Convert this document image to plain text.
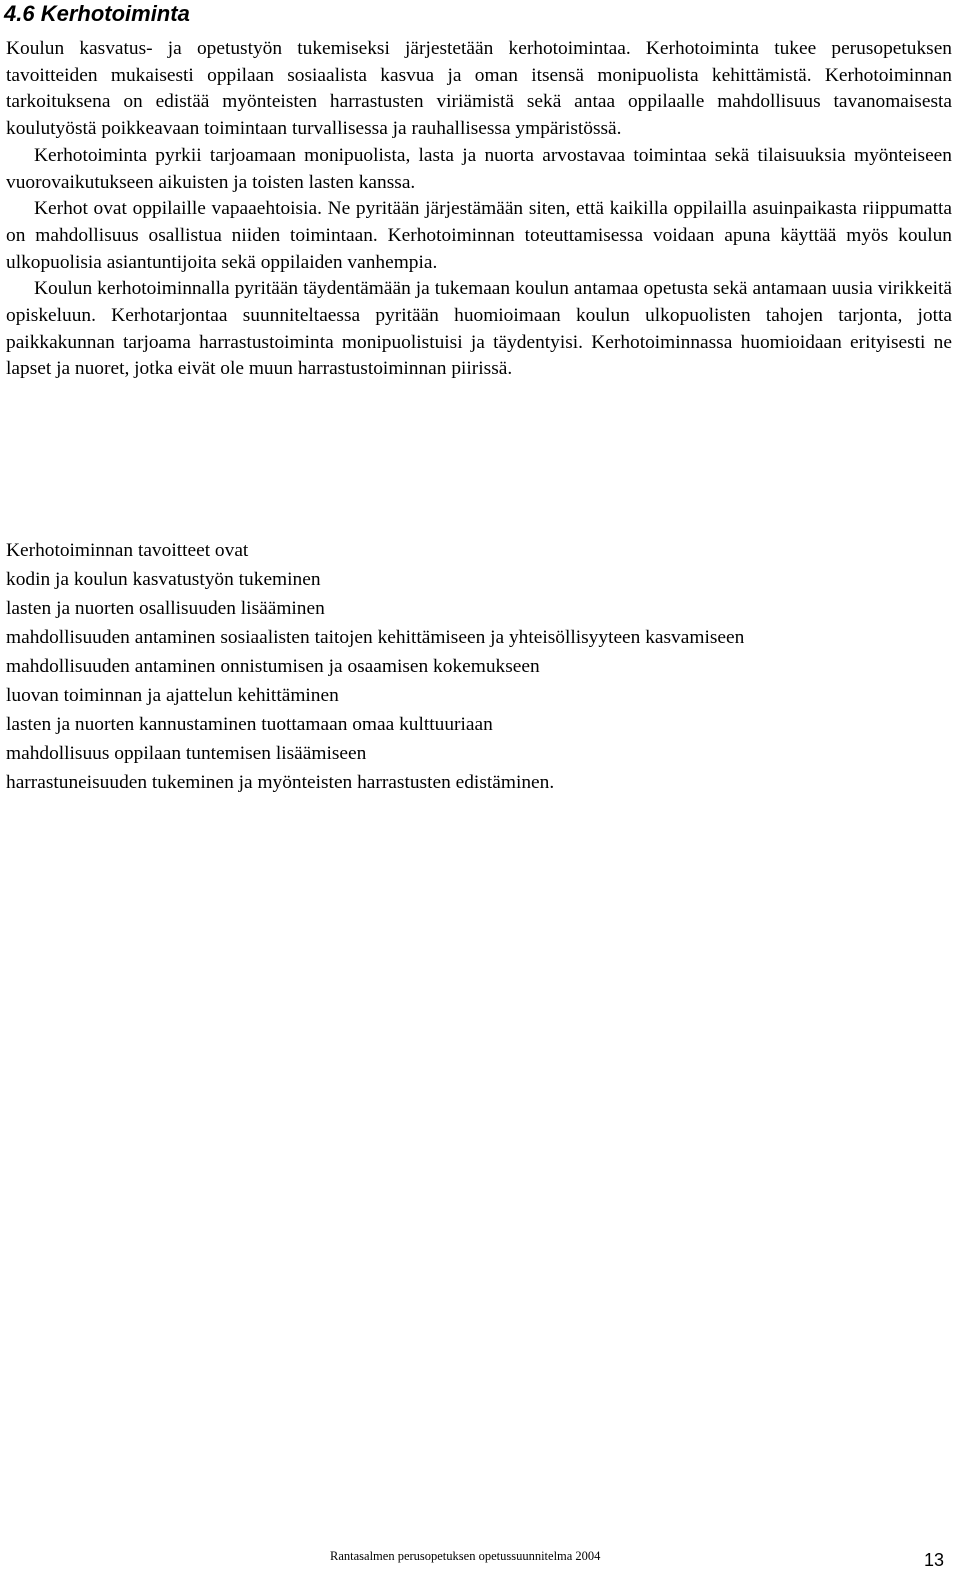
4.6 Kerhotoiminta

Koulun kasvatus- ja opetustyön tukemiseksi järjestetään kerhotoimintaa. Kerhotoiminta tukee perusopetuksen tavoitteiden mukaisesti oppilaan sosiaalista kasvua ja oman itsensä monipuolista kehittämistä. Kerhotoiminnan tarkoituksena on edistää myönteisten harrastusten viriämistä sekä antaa oppilaalle mahdollisuus tavanomaisesta koulutyöstä poikkeavaan toimintaan turvallisessa ja rauhallisessa ympäristössä.

Kerhotoiminta pyrkii tarjoamaan monipuolista, lasta ja nuorta arvostavaa toimintaa sekä tilaisuuksia myönteiseen vuorovaikutukseen aikuisten ja toisten lasten kanssa.

Kerhot ovat oppilaille vapaaehtoisia. Ne pyritään järjestämään siten, että kaikilla oppilailla asuinpaikasta riippumatta on mahdollisuus osallistua niiden toimintaan. Kerhotoiminnan toteuttamisessa voidaan apuna käyttää myös koulun ulkopuolisia asiantuntijoita sekä oppilaiden vanhempia.

Koulun kerhotoiminnalla pyritään täydentämään ja tukemaan koulun antamaa opetusta sekä antamaan uusia virikkeitä opiskeluun. Kerhotarjontaa suunniteltaessa pyritään huomioimaan koulun ulkopuolisten tahojen tarjonta, jotta paikkakunnan tarjoama harrastustoiminta monipuolistuisi ja täydentyisi. Kerhotoiminnassa huomioidaan erityisesti ne lapset ja nuoret, jotka eivät ole muun harrastustoiminnan piirissä.

Kerhotoiminnan tavoitteet ovat
kodin ja koulun kasvatustyön tukeminen
lasten ja nuorten osallisuuden lisääminen
mahdollisuuden antaminen sosiaalisten taitojen kehittämiseen ja yhteisöllisyyteen kasvamiseen
mahdollisuuden antaminen onnistumisen ja osaamisen kokemukseen
luovan toiminnan ja ajattelun kehittäminen
lasten ja nuorten kannustaminen tuottamaan omaa kulttuuriaan
mahdollisuus oppilaan tuntemisen lisäämiseen
harrastuneisuuden tukeminen ja myönteisten harrastusten edistäminen.
Rantasalmen perusopetuksen opetussuunnitelma 2004	13
